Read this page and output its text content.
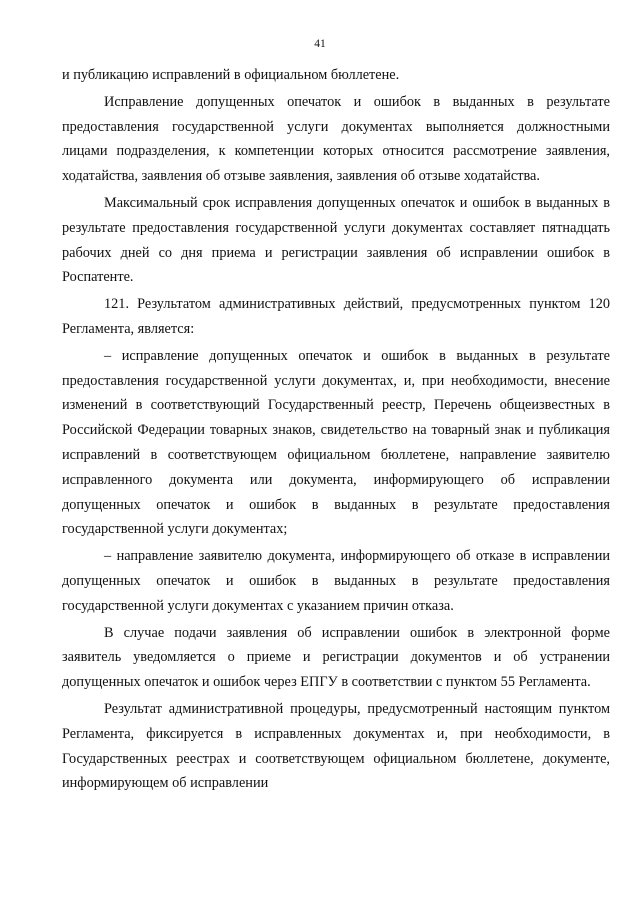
41

и публикацию исправлений в официальном бюллетене.

Исправление допущенных опечаток и ошибок в выданных в результате предоставления государственной услуги документах выполняется должностными лицами подразделения, к компетенции которых относится рассмотрение заявления, ходатайства, заявления об отзыве заявления, заявления об отзыве ходатайства.

Максимальный срок исправления допущенных опечаток и ошибок в выданных в результате предоставления государственной услуги документах составляет пятнадцать рабочих дней со дня приема и регистрации заявления об исправлении ошибок в Роспатенте.

121. Результатом административных действий, предусмотренных пунктом 120 Регламента, является:

– исправление допущенных опечаток и ошибок в выданных в результате предоставления государственной услуги документах, и, при необходимости, внесение изменений в соответствующий Государственный реестр, Перечень общеизвестных в Российской Федерации товарных знаков, свидетельство на товарный знак и публикация исправлений в соответствующем официальном бюллетене, направление заявителю исправленного документа или документа, информирующего об исправлении допущенных опечаток и ошибок в выданных в результате предоставления государственной услуги документах;

– направление заявителю документа, информирующего об отказе в исправлении допущенных опечаток и ошибок в выданных в результате предоставления государственной услуги документах с указанием причин отказа.

В случае подачи заявления об исправлении ошибок в электронной форме заявитель уведомляется о приеме и регистрации документов и об устранении допущенных опечаток и ошибок через ЕПГУ в соответствии с пунктом 55 Регламента.

Результат административной процедуры, предусмотренный настоящим пунктом Регламента, фиксируется в исправленных документах и, при необходимости, в Государственных реестрах и соответствующем официальном бюллетене, документе, информирующем об исправлении
